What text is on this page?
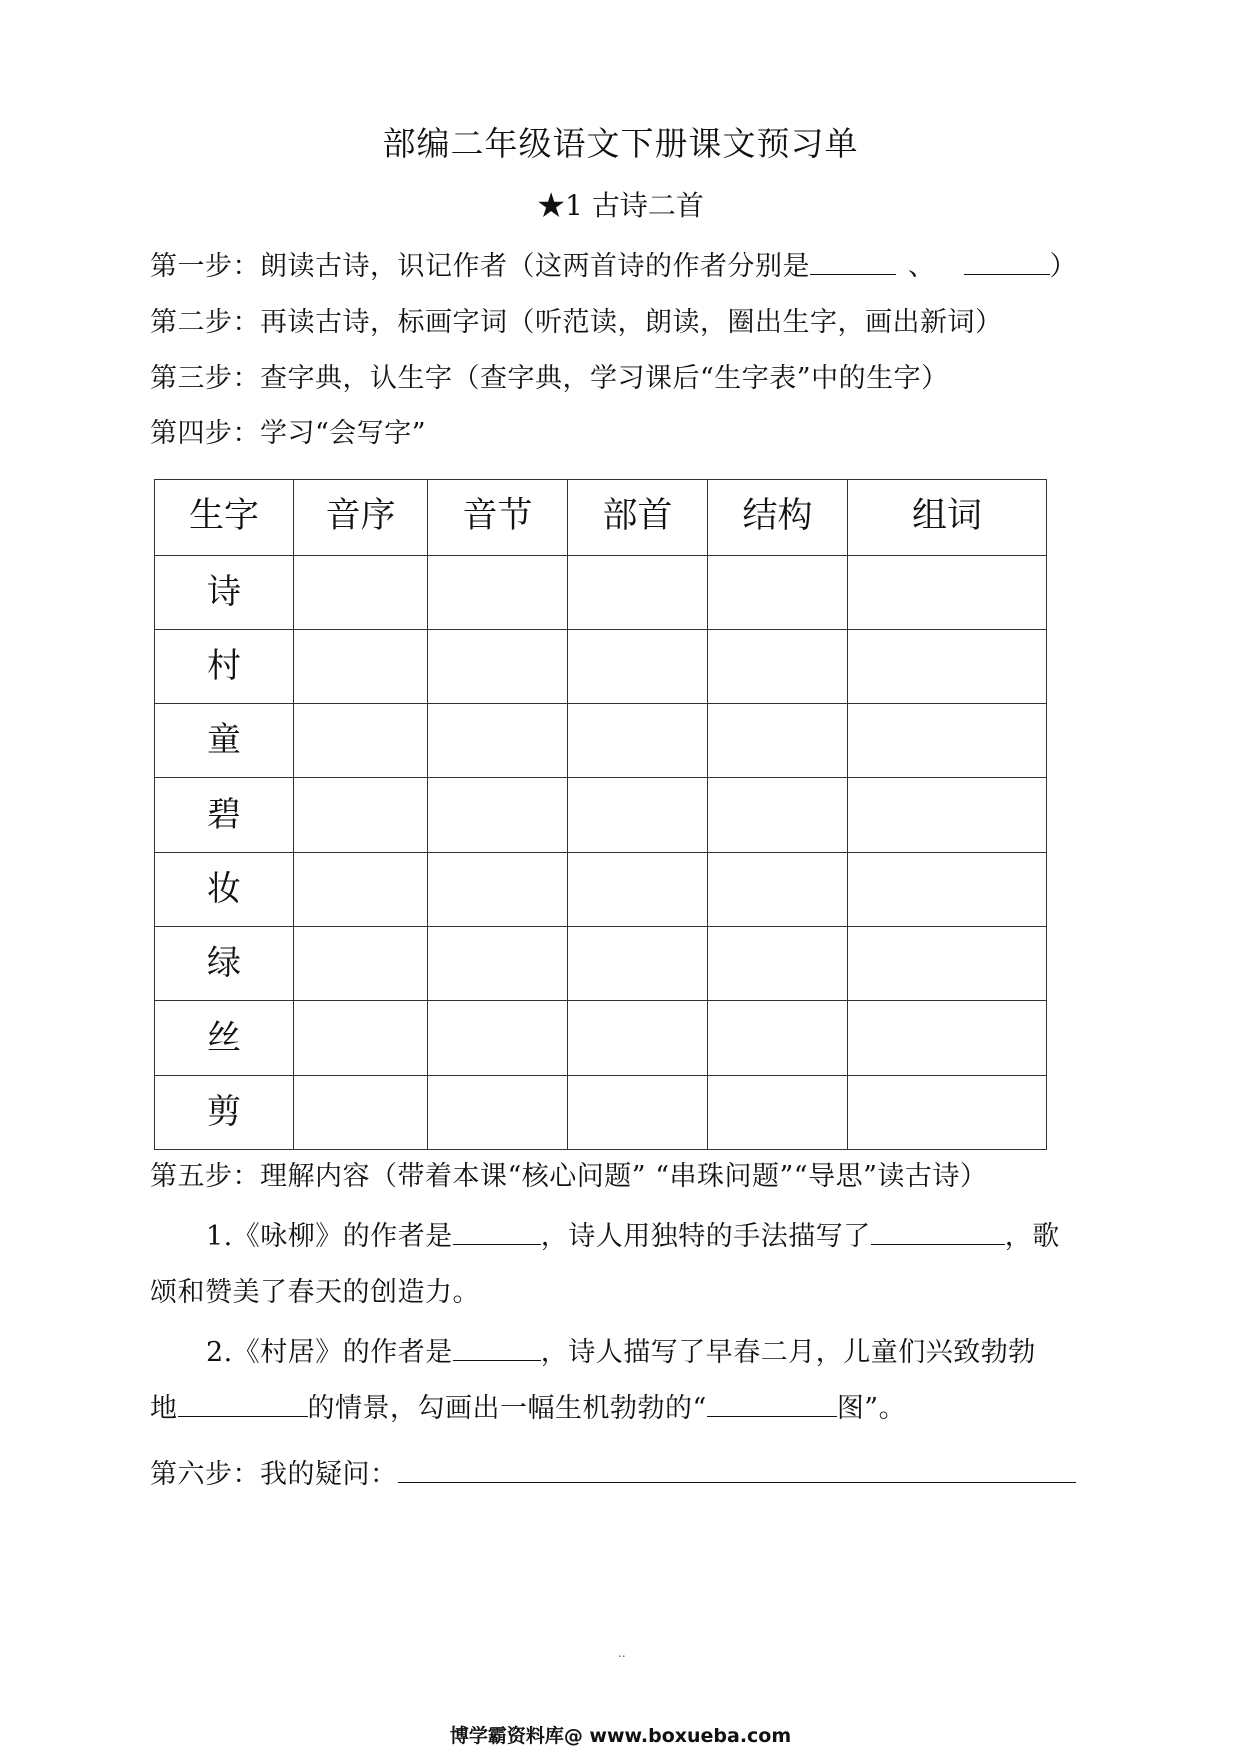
部编二年级语文下册课文预习单
★1 古诗二首
第一步：朗读古诗，识记作者（这两首诗的作者分别是	、	）
第二步：再读古诗，标画字词（听范读，朗读，圈出生字，画出新词）
第三步：查字典，认生字（查字典，学习课后“生字表”中的生字）
第四步：学习“会写字”
生字	音序	音节	部首	结构	组词
诗					
村					
童					
碧					
妆					
绿					
丝					
剪					
第五步：理解内容（带着本课“核心问题” “串珠问题”“导思”读古诗）
1.《咏柳》的作者是	，诗人用独特的手法描写了	，歌
颂和赞美了春天的创造力。
2.《村居》的作者是	，诗人描写了早春二月，儿童们兴致勃勃
地	的情景，勾画出一幅生机勃勃的“	图”。
第六步：我的疑问：
..
博学霸资料库@ www.boxueba.com
